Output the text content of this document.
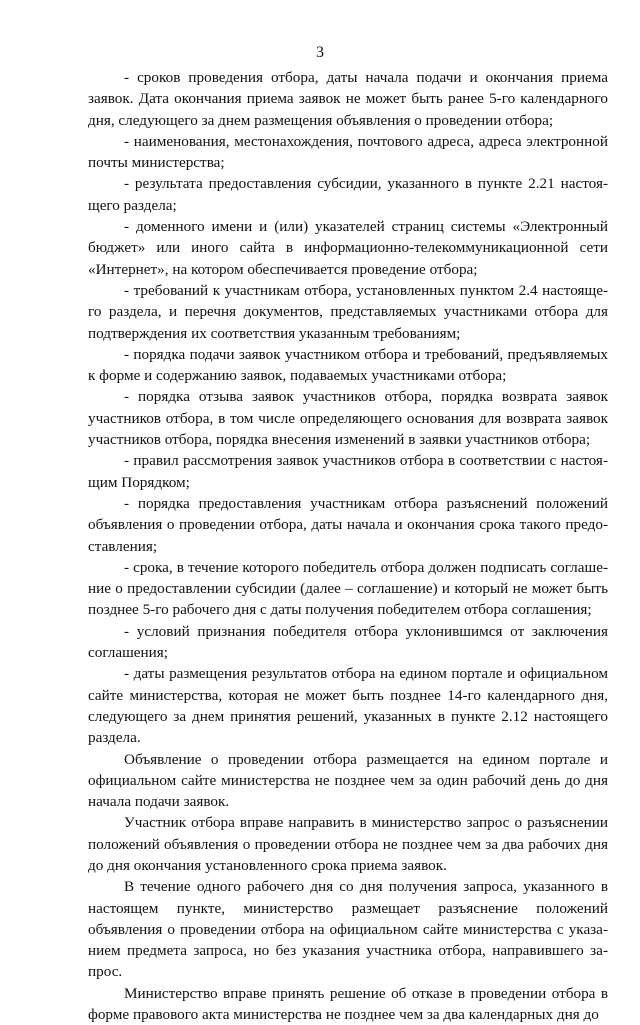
3

- сроков проведения отбора, даты начала подачи и окончания приема заявок. Дата окончания приема заявок не может быть ранее 5-го календарного дня, следующего за днем размещения объявления о проведении отбора;

- наименования, местонахождения, почтового адреса, адреса электронной почты министерства;

- результата предоставления субсидии, указанного в пункте 2.21 настоящего раздела;

- доменного имени и (или) указателей страниц системы «Электронный бюджет» или иного сайта в информационно-телекоммуникационной сети «Интернет», на котором обеспечивается проведение отбора;

- требований к участникам отбора, установленных пунктом 2.4 настоящего раздела, и перечня документов, представляемых участниками отбора для подтверждения их соответствия указанным требованиям;

- порядка подачи заявок участником отбора и требований, предъявляемых к форме и содержанию заявок, подаваемых участниками отбора;

- порядка отзыва заявок участников отбора, порядка возврата заявок участников отбора, в том числе определяющего основания для возврата заявок участников отбора, порядка внесения изменений в заявки участников отбора;

- правил рассмотрения заявок участников отбора в соответствии с настоящим Порядком;

- порядка предоставления участникам отбора разъяснений положений объявления о проведении отбора, даты начала и окончания срока такого предоставления;

- срока, в течение которого победитель отбора должен подписать соглашение о предоставлении субсидии (далее – соглашение) и который не может быть позднее 5-го рабочего дня с даты получения победителем отбора соглашения;

- условий признания победителя отбора уклонившимся от заключения соглашения;

- даты размещения результатов отбора на едином портале и официальном сайте министерства, которая не может быть позднее 14-го календарного дня, следующего за днем принятия решений, указанных в пункте 2.12 настоящего раздела.

Объявление о проведении отбора размещается на едином портале и официальном сайте министерства не позднее чем за один рабочий день до дня начала подачи заявок.

Участник отбора вправе направить в министерство запрос о разъяснении положений объявления о проведении отбора не позднее чем за два рабочих дня до дня окончания установленного срока приема заявок.

В течение одного рабочего дня со дня получения запроса, указанного в настоящем пункте, министерство размещает разъяснение положений объявления о проведении отбора на официальном сайте министерства с указанием предмета запроса, но без указания участника отбора, направившего запрос.

Министерство вправе принять решение об отказе в проведении отбора в форме правового акта министерства не позднее чем за два календарных дня до
